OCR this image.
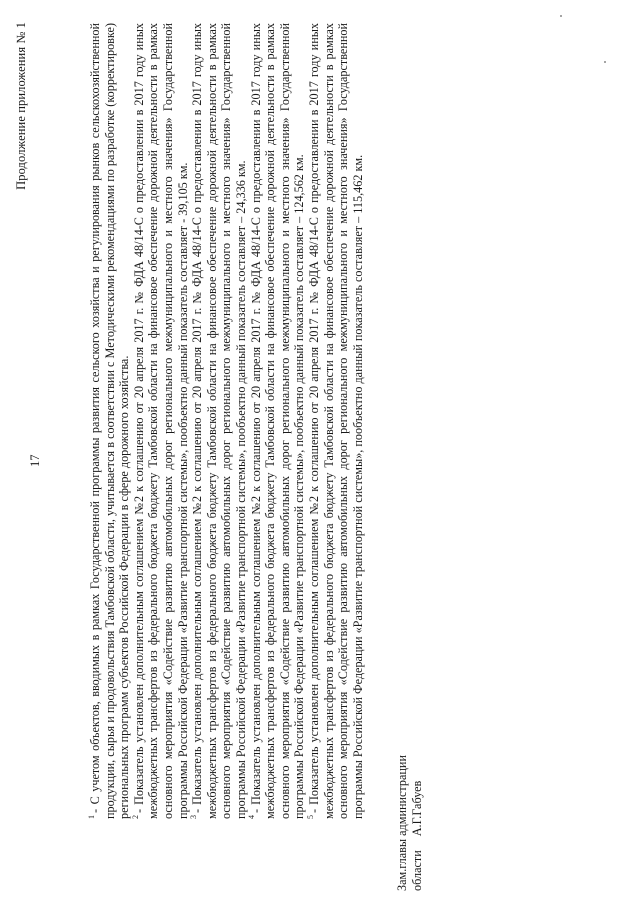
Продолжение приложения № 1
17

$^1$- С учетом объектов, вводимых в рамках Государственной программы развития сельского хозяйства и регулирования рынков сельскохозяйственной продукции, сырья и продовольствия Тамбовской области, учитывается в соответствии с Методическими рекомендациями по разработке (корректировке) региональных программ субъектов Российской Федерации в сфере дорожного хозяйства. $^2$- Показатель установлен дополнительным соглашением №2 к соглашению от 20 апреля 2017 г. № ФДА 48/14-С о предоставлении в 2017 году иных межбюджетных трансфертов из федерального бюджета бюджету Тамбовской области на финансовое обеспечение дорожной деятельности в рамках основного мероприятия «Содействие развитию автомобильных дорог регионального межмуниципального и местного значения» Государственной программы Российской Федерации «Развитие транспортной системы», пообъектно данный показатель составляет - 39,105 км. $^3$- Показатель установлен дополнительным соглашением №2 к соглашению от 20 апреля 2017 г. № ФДА 48/14-С о предоставлении в 2017 году иных межбюджетных трансфертов из федерального бюджета бюджету Тамбовской области на финансовое обеспечение дорожной деятельности в рамках основного мероприятия «Содействие развитию автомобильных дорог регионального межмуниципального и местного значения» Государственной программы Российской Федерации «Развитие транспортной системы», пообъектно данный показатель составляет – 24,336 км. $^4$- Показатель установлен дополнительным соглашением №2 к соглашению от 20 апреля 2017 г. № ФДА 48/14-С о предоставлении в 2017 году иных межбюджетных трансфертов из федерального бюджета бюджету Тамбовской области на финансовое обеспечение дорожной деятельности в рамках основного мероприятия «Содействие развитию автомобильных дорог регионального межмуниципального и местного значения» Государственной программы Российской Федерации «Развитие транспортной системы», пообъектно данный показатель составляет – 124,562 км. $^5$- Показатель установлен дополнительным соглашением №2 к соглашению от 20 апреля 2017 г. № ФДА 48/14-С о предоставлении в 2017 году иных межбюджетных трансфертов из федерального бюджета бюджету Тамбовской области на финансовое обеспечение дорожной деятельности в рамках основного мероприятия «Содействие развитию автомобильных дорог регионального межмуниципального и местного значения» Государственной программы Российской Федерации «Развитие транспортной системы», пообъектно данный показатель составляет – 115,462 км.

Зам.главы администрации областиА.Г.Габуев
